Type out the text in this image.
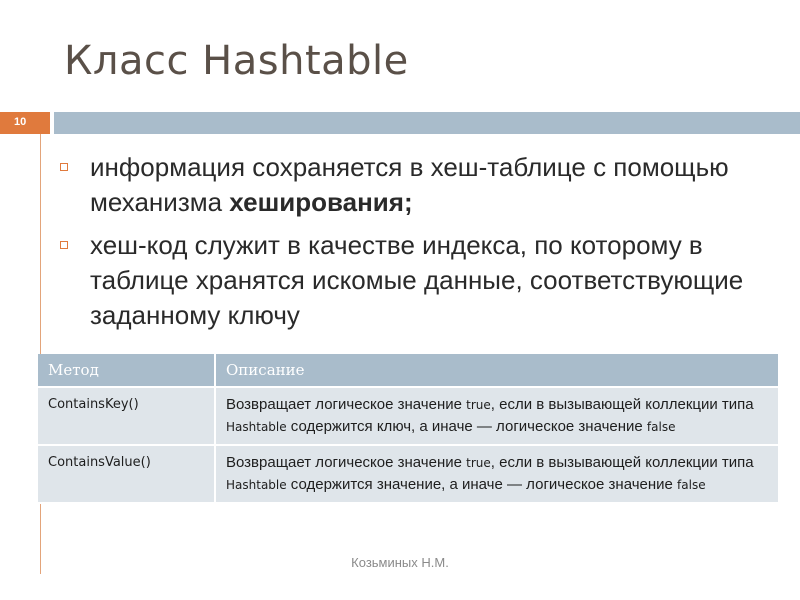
Класс Hashtable
10
информация сохраняется в хеш-таблице с помощью механизма хеширования;
хеш-код служит в качестве индекса, по которому в таблице хранятся искомые данные, соответствующие заданному ключу
Метод	Описание
ContainsKey()	Возвращает логическое значение true, если в вызывающей коллекции типа Hashtable содержится ключ, а иначе — логическое значение false
ContainsValue()	Возвращает логическое значение true, если в вызывающей коллекции типа Hashtable содержится значение, а иначе — логическое значение false
Козьминых Н.М.
